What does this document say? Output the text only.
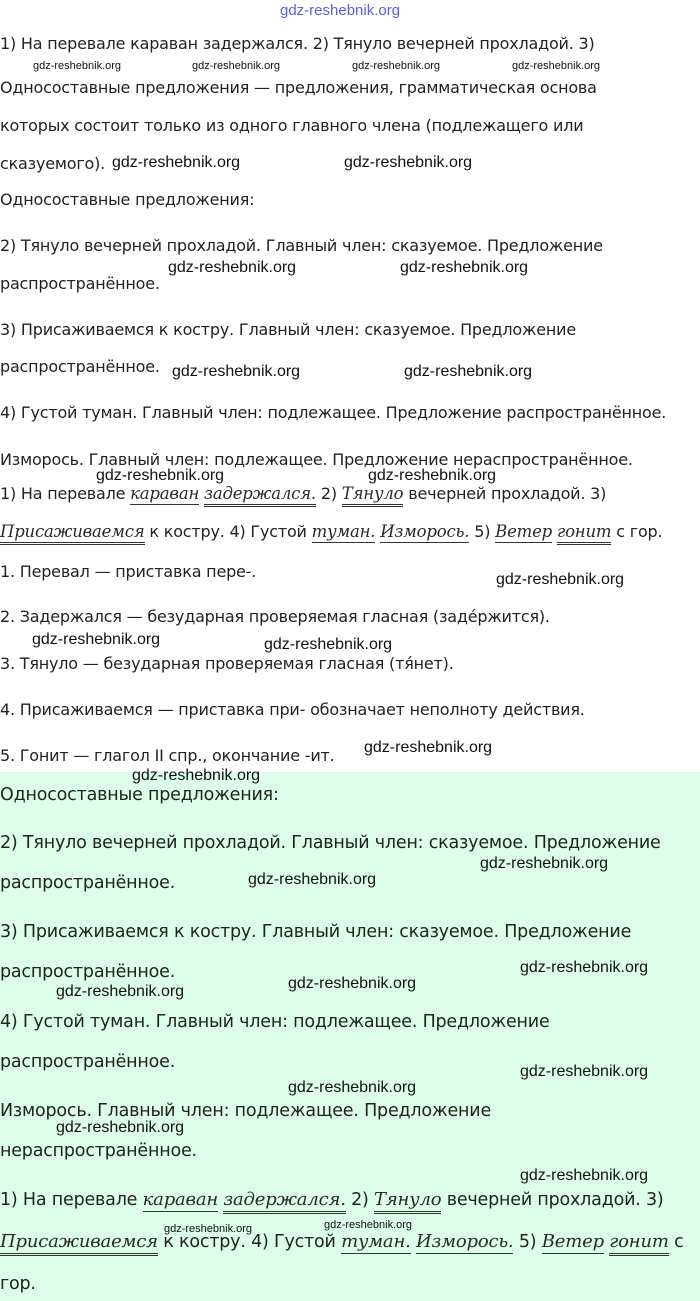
gdz-reshebnik.org
1) На перевале караван задержался. 2) Тянуло вечерней прохладой. 3)
Односоставные предложения — предложения, грамматическая основа
которых состоит только из одного главного члена (подлежащего или
сказуемого).
Односоставные предложения:
2) Тянуло вечерней прохладой. Главный член: сказуемое. Предложение
распространённое.
3) Присаживаемся к костру. Главный член: сказуемое. Предложение
распространённое.
4) Густой туман. Главный член: подлежащее. Предложение распространённое.
Изморось. Главный член: подлежащее. Предложение нераспространённое.
1) На перевале караван задержался. 2) Тянуло вечерней прохладой. 3)
Присаживаемся к костру. 4) Густой туман. Изморось. 5) Ветер гонит с гор.
1. Перевал — приставка пере-.
2. Задержался — безударная проверяемая гласная (задéржится).
3. Тянуло — безударная проверяемая гласная (тя́нет).
4. Присаживаемся — приставка при- обозначает неполноту действия.
5. Гонит — глагол II спр., окончание -ит.
Односоставные предложения:
2) Тянуло вечерней прохладой. Главный член: сказуемое. Предложение
распространённое.
3) Присаживаемся к костру. Главный член: сказуемое. Предложение
распространённое.
4) Густой туман. Главный член: подлежащее. Предложение
распространённое.
Изморось. Главный член: подлежащее. Предложение
нераспространённое.
1) На перевале караван задержался. 2) Тянуло вечерней прохладой. 3)
Присаживаемся к костру. 4) Густой туман. Изморось. 5) Ветер гонит с
гор.
gdz-reshebnik.org	gdz-reshebnik.org	gdz-reshebnik.org	gdz-reshebnik.org
gdz-reshebnik.org	gdz-reshebnik.org
gdz-reshebnik.org	gdz-reshebnik.org
gdz-reshebnik.org	gdz-reshebnik.org
gdz-reshebnik.org	gdz-reshebnik.org
gdz-reshebnik.org
gdz-reshebnik.org	gdz-reshebnik.org
gdz-reshebnik.org
gdz-reshebnik.org
gdz-reshebnik.org
gdz-reshebnik.org
gdz-reshebnik.org
gdz-reshebnik.org
gdz-reshebnik.org
gdz-reshebnik.org
gdz-reshebnik.org
gdz-reshebnik.org
gdz-reshebnik.org
gdz-reshebnik.org	gdz-reshebnik.org
